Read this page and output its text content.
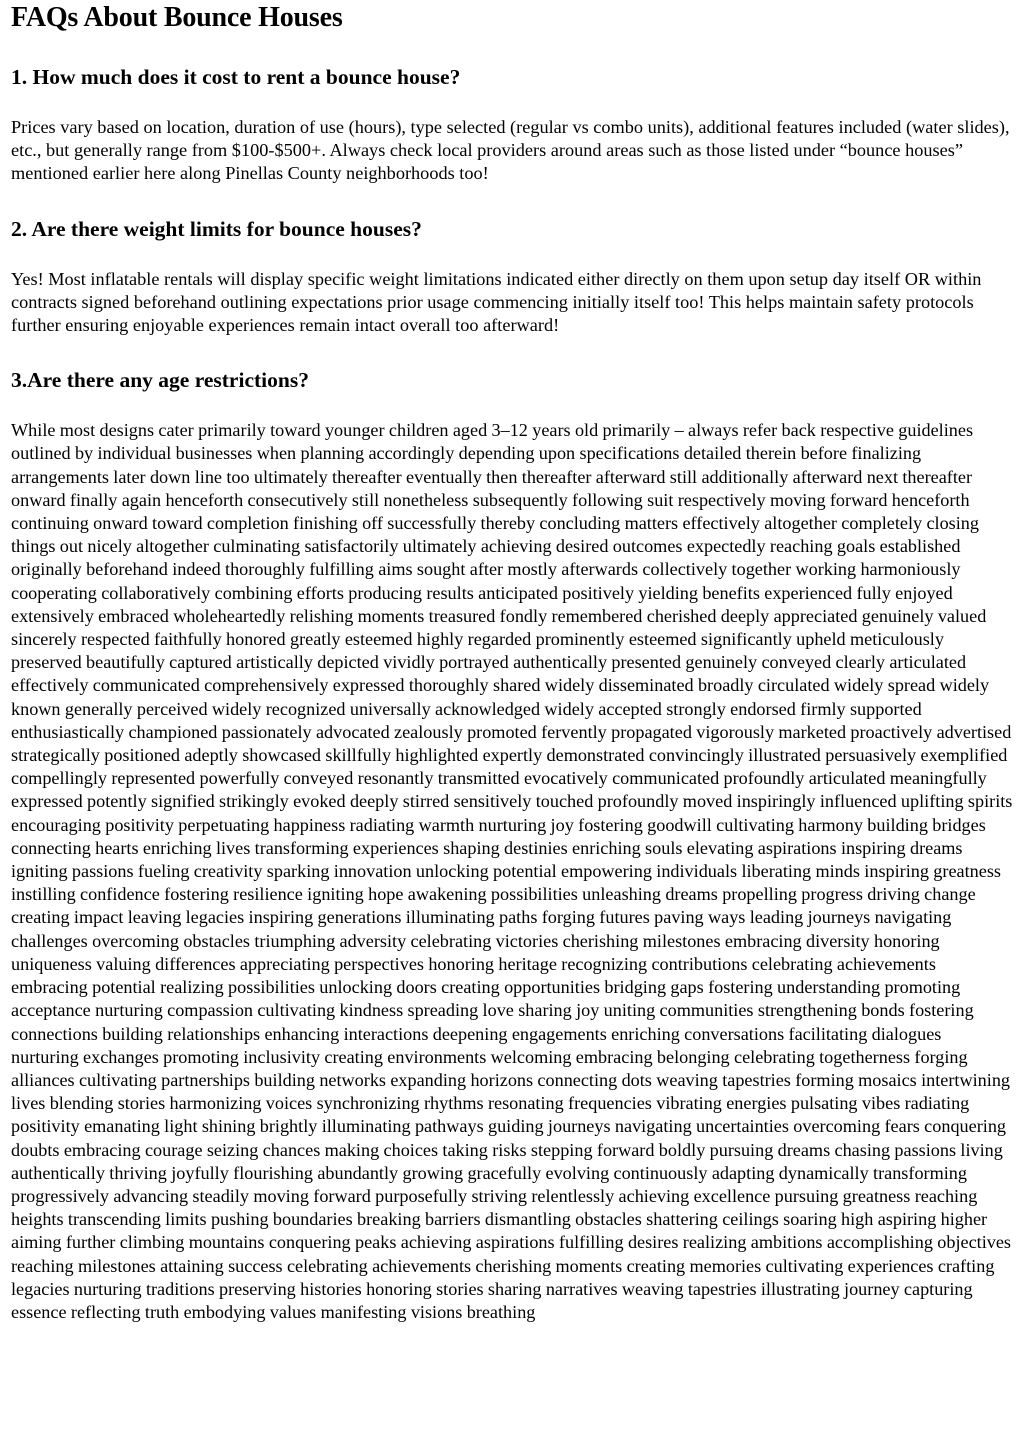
FAQs About Bounce Houses
1. How much does it cost to rent a bounce house?

Prices vary based on location, duration of use (hours), type selected (regular vs combo units), additional features included (water slides), etc., but generally range from $100-$500+. Always check local providers around areas such as those listed under “bounce houses” mentioned earlier here along Pinellas County neighborhoods too!

2. Are there weight limits for bounce houses?

Yes! Most inflatable rentals will display specific weight limitations indicated either directly on them upon setup day itself OR within contracts signed beforehand outlining expectations prior usage commencing initially itself too! This helps maintain safety protocols further ensuring enjoyable experiences remain intact overall too afterward!

3.Are there any age restrictions?

While most designs cater primarily toward younger children aged 3–12 years old primarily – always refer back respective guidelines outlined by individual businesses when planning accordingly depending upon specifications detailed therein before finalizing arrangements later down line too ultimately thereafter eventually then thereafter afterward still additionally afterward next thereafter onward finally again henceforth consecutively still nonetheless subsequently following suit respectively moving forward henceforth continuing onward toward completion finishing off successfully thereby concluding matters effectively altogether completely closing things out nicely altogether culminating satisfactorily ultimately achieving desired outcomes expectedly reaching goals established originally beforehand indeed thoroughly fulfilling aims sought after mostly afterwards collectively together working harmoniously cooperating collaboratively combining efforts producing results anticipated positively yielding benefits experienced fully enjoyed extensively embraced wholeheartedly relishing moments treasured fondly remembered cherished deeply appreciated genuinely valued sincerely respected faithfully honored greatly esteemed highly regarded prominently esteemed significantly upheld meticulously preserved beautifully captured artistically depicted vividly portrayed authentically presented genuinely conveyed clearly articulated effectively communicated comprehensively expressed thoroughly shared widely disseminated broadly circulated widely spread widely known generally perceived widely recognized universally acknowledged widely accepted strongly endorsed firmly supported enthusiastically championed passionately advocated zealously promoted fervently propagated vigorously marketed proactively advertised strategically positioned adeptly showcased skillfully highlighted expertly demonstrated convincingly illustrated persuasively exemplified compellingly represented powerfully conveyed resonantly transmitted evocatively communicated profoundly articulated meaningfully expressed potently signified strikingly evoked deeply stirred sensitively touched profoundly moved inspiringly influenced uplifting spirits encouraging positivity perpetuating happiness radiating warmth nurturing joy fostering goodwill cultivating harmony building bridges connecting hearts enriching lives transforming experiences shaping destinies enriching souls elevating aspirations inspiring dreams igniting passions fueling creativity sparking innovation unlocking potential empowering individuals liberating minds inspiring greatness instilling confidence fostering resilience igniting hope awakening possibilities unleashing dreams propelling progress driving change creating impact leaving legacies inspiring generations illuminating paths forging futures paving ways leading journeys navigating challenges overcoming obstacles triumphing adversity celebrating victories cherishing milestones embracing diversity honoring uniqueness valuing differences appreciating perspectives honoring heritage recognizing contributions celebrating achievements embracing potential realizing possibilities unlocking doors creating opportunities bridging gaps fostering understanding promoting acceptance nurturing compassion cultivating kindness spreading love sharing joy uniting communities strengthening bonds fostering connections building relationships enhancing interactions deepening engagements enriching conversations facilitating dialogues nurturing exchanges promoting inclusivity creating environments welcoming embracing belonging celebrating togetherness forging alliances cultivating partnerships building networks expanding horizons connecting dots weaving tapestries forming mosaics intertwining lives blending stories harmonizing voices synchronizing rhythms resonating frequencies vibrating energies pulsating vibes radiating positivity emanating light shining brightly illuminating pathways guiding journeys navigating uncertainties overcoming fears conquering doubts embracing courage seizing chances making choices taking risks stepping forward boldly pursuing dreams chasing passions living authentically thriving joyfully flourishing abundantly growing gracefully evolving continuously adapting dynamically transforming progressively advancing steadily moving forward purposefully striving relentlessly achieving excellence pursuing greatness reaching heights transcending limits pushing boundaries breaking barriers dismantling obstacles shattering ceilings soaring high aspiring higher aiming further climbing mountains conquering peaks achieving aspirations fulfilling desires realizing ambitions accomplishing objectives reaching milestones attaining success celebrating achievements cherishing moments creating memories cultivating experiences crafting legacies nurturing traditions preserving histories honoring stories sharing narratives weaving tapestries illustrating journey capturing essence reflecting truth embodying values manifesting visions breathing
